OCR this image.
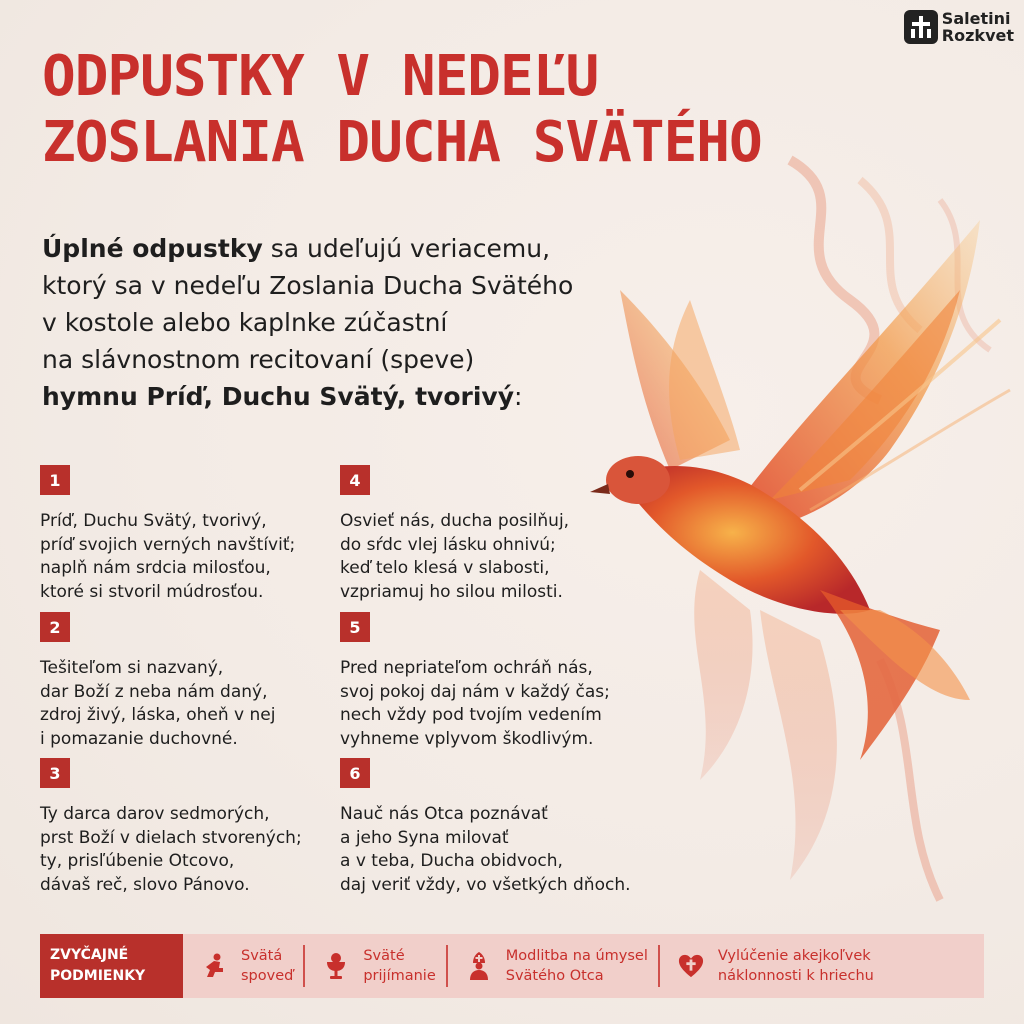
Saletini
Rozkvet
ODPUSTKY V NEDEĽU
ZOSLANIA DUCHA SVÄTÉHO
Úplné odpustky sa udeľujú veriacemu,
ktorý sa v nedeľu Zoslania Ducha Svätého
v kostole alebo kaplnke zúčastní
na slávnostnom recitovaní (speve)
hymnu Príď, Duchu Svätý, tvorivý:
1
Príď, Duchu Svätý, tvorivý,
príď svojich verných navštíviť;
naplň nám srdcia milosťou,
ktoré si stvoril múdrosťou.
2
Tešiteľom si nazvaný,
dar Boží z neba nám daný,
zdroj živý, láska, oheň v nej
i pomazanie duchovné.
3
Ty darca darov sedmorých,
prst Boží v dielach stvorených;
ty, prisľúbenie Otcovo,
dávaš reč, slovo Pánovo.
4
Osvieť nás, ducha posilňuj,
do sŕdc vlej lásku ohnivú;
keď telo klesá v slabosti,
vzpriamuj ho silou milosti.
5
Pred nepriateľom ochráň nás,
svoj pokoj daj nám v každý čas;
nech vždy pod tvojím vedením
vyhneme vplyvom škodlivým.
6
Nauč nás Otca poznávať
a jeho Syna milovať
a v teba, Ducha obidvoch,
daj veriť vždy, vo všetkých dňoch.
ZVYČAJNÉ
PODMIENKY
Svätá
spoveď
Sväté
prijímanie
Modlitba na úmysel
Svätého Otca
Vylúčenie akejkoľvek
náklonnosti k hriechu
